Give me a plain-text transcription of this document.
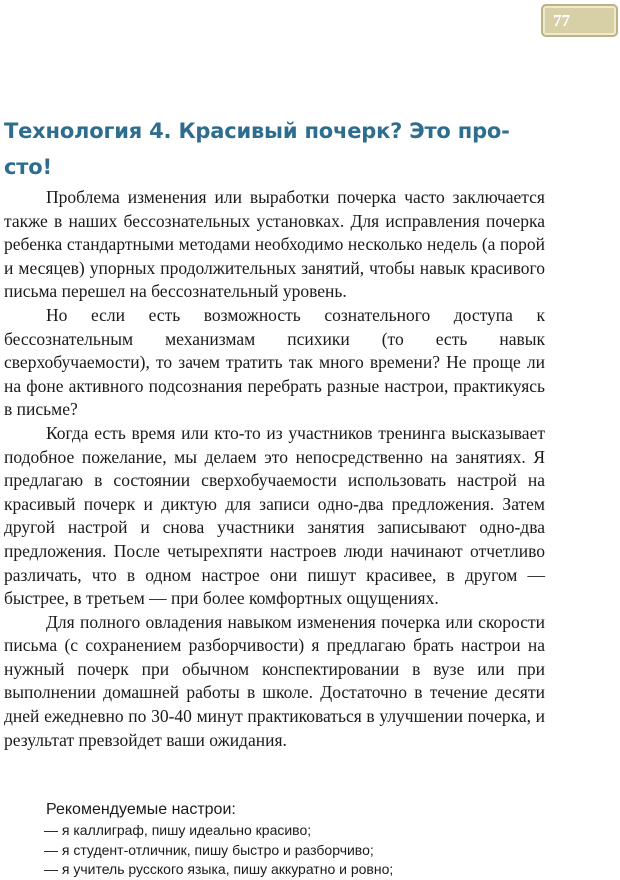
77
Технология 4. Красивый почерк? Это про-
сто!

Проблема изменения или выработки почерка часто заключается также в наших бессознательных установках. Для исправления почерка ребенка стандартными методами необходимо несколько недель (а порой и месяцев) упорных продолжительных занятий, чтобы навык красивого письма перешел на бессознательный уровень.

Но если есть возможность сознательного доступа к бессознательным механизмам психики (то есть навык сверхобучаемости), то зачем тратить так много времени? Не проще ли на фоне активного подсознания перебрать разные настрои, практикуясь в письме?

Когда есть время или кто-то из участников тренинга высказывает подобное пожелание, мы делаем это непосредственно на занятиях. Я предлагаю в состоянии сверхобучаемости использовать настрой на красивый почерк и диктую для записи одно-два предложения. Затем другой настрой и снова участники занятия записывают одно-два предложения. После четырехпяти настроев люди начинают отчетливо различать, что в одном настрое они пишут красивее, в другом — быстрее, в третьем — при более комфортных ощущениях.

Для полного овладения навыком изменения почерка или скорости письма (с сохранением разборчивости) я предлагаю брать настрои на нужный почерк при обычном конспектировании в вузе или при выполнении домашней работы в школе. Достаточно в течение десяти дней ежедневно по 30-40 минут практиковаться в улучшении почерка, и результат превзойдет ваши ожидания.

Рекомендуемые настрои:
— я каллиграф, пишу идеально красиво;
— я студент-отличник, пишу быстро и разборчиво;
— я учитель русского языка, пишу аккуратно и ровно;
